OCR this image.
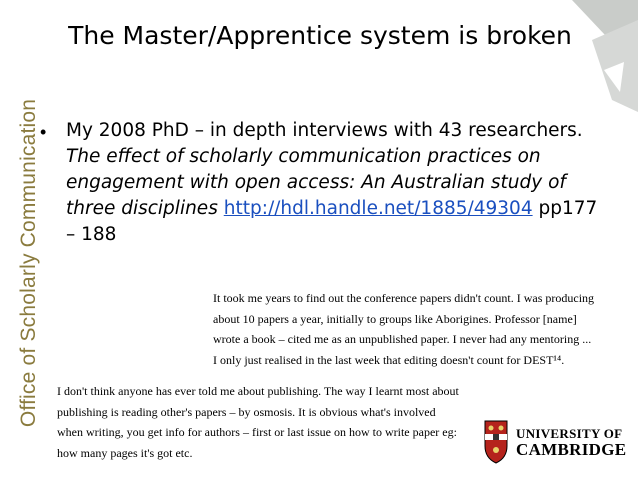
Office of Scholarly Communication
The Master/Apprentice system is broken
• My 2008 PhD – in depth interviews with 43 researchers. The effect of scholarly communication practices on engagement with open access: An Australian study of three disciplines http://hdl.handle.net/1885/49304 pp177 – 188
It took me years to find out the conference papers didn't count. I was producing about 10 papers a year, initially to groups like Aborigines. Professor [name] wrote a book – cited me as an unpublished paper. I never had any mentoring ... I only just realised in the last week that editing doesn't count for DEST¹⁴.
I don't think anyone has ever told me about publishing. The way I learnt most about publishing is reading other's papers – by osmosis. It is obvious what's involved when writing, you get info for authors – first or last issue on how to write paper eg: how many pages it's got etc.
UNIVERSITY OF
CAMBRIDGE
